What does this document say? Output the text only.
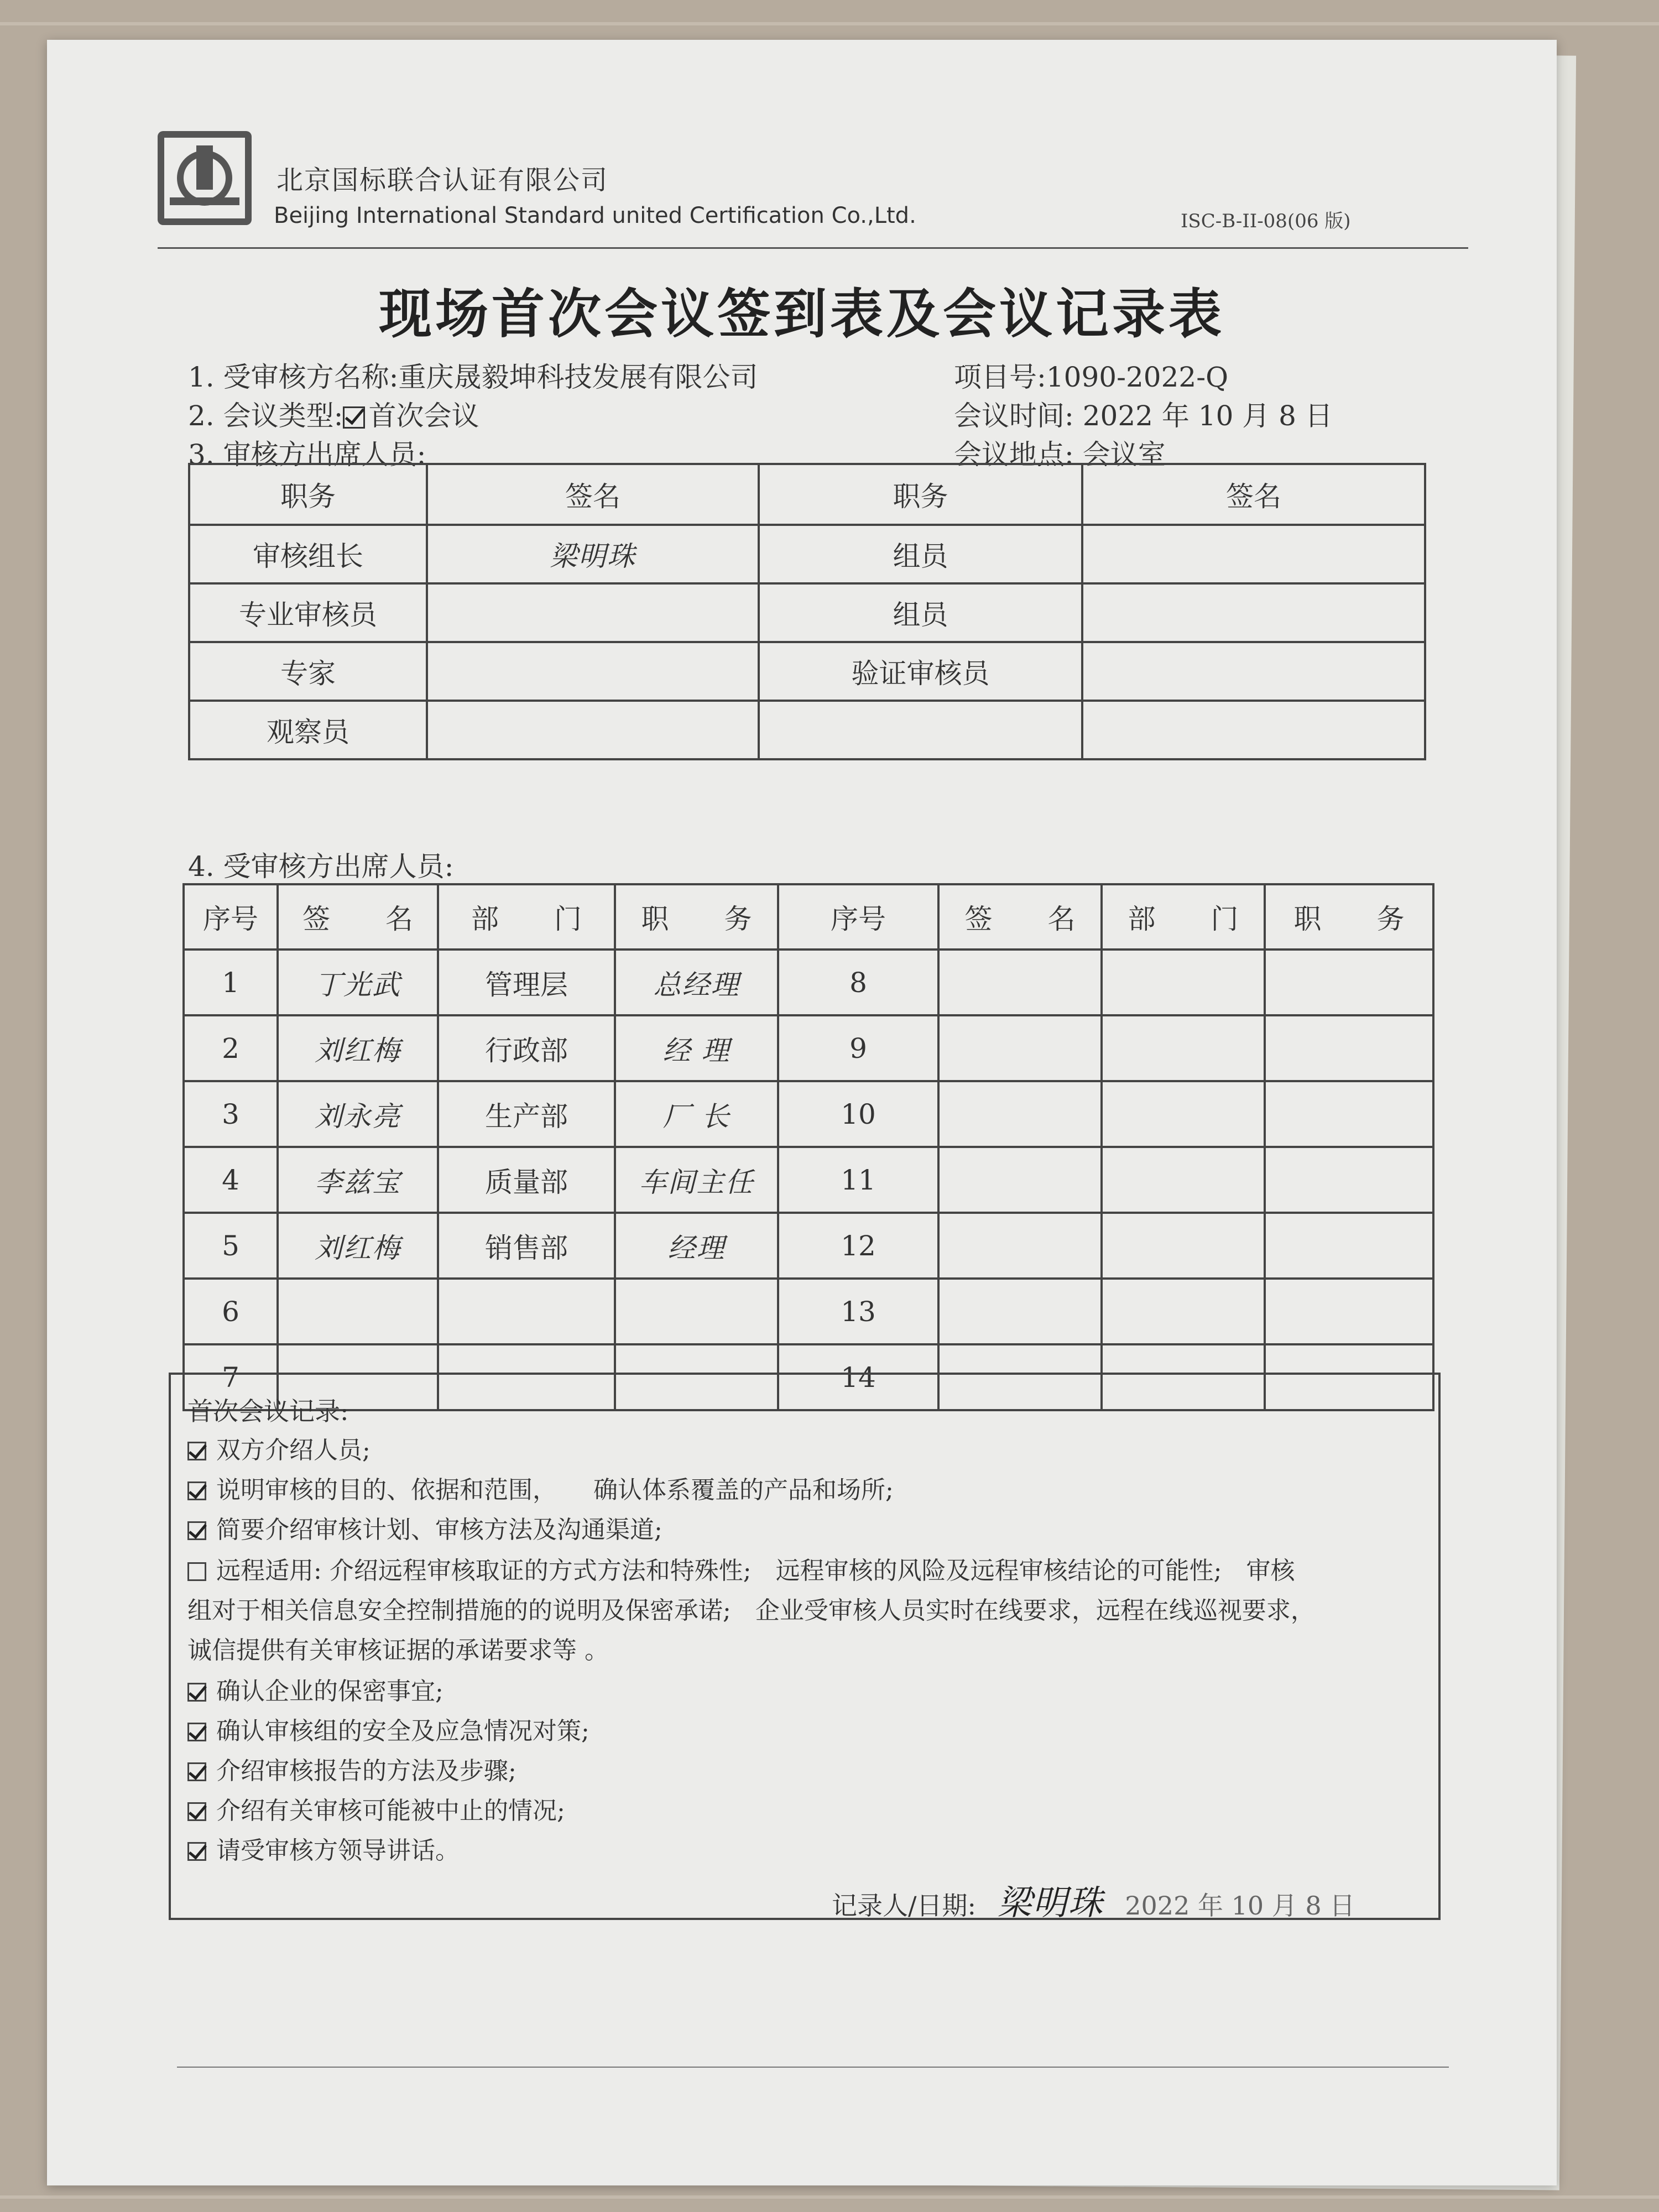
北京国标联合认证有限公司
Beijing International Standard united Certification Co.,Ltd.	ISC-B-II-08(06 版)
现场首次会议签到表及会议记录表
1. 受审核方名称:重庆晟毅坤科技发展有限公司
2. 会议类型: 首次会议
3. 审核方出席人员:
项目号:1090-2022-Q
会议时间: 2022 年 10 月 8 日
会议地点: 会议室
职务	签名	职务	签名
审核组长	梁明珠	组员	
专业审核员		组员	
专家		验证审核员	
观察员			
4. 受审核方出席人员:
序号	签　　名	部　　门	职　　务	序号	签　　名	部　　门	职　　务
1	丁光武	管理层	总经理	8			
2	刘红梅	行政部	经 理	9			
3	刘永亮	生产部	厂 长	10			
4	李兹宝	质量部	车间主任	11			
5	刘红梅	销售部	经理	12			
6				13			
7				14			
首次会议记录:
双方介绍人员;
说明审核的目的、依据和范围，　　确认体系覆盖的产品和场所;
简要介绍审核计划、审核方法及沟通渠道;
远程适用: 介绍远程审核取证的方式方法和特殊性;　远程审核的风险及远程审核结论的可能性;　审核
组对于相关信息安全控制措施的的说明及保密承诺;　企业受审核人员实时在线要求，远程在线巡视要求，
诚信提供有关审核证据的承诺要求等 。
确认企业的保密事宜;
确认审核组的安全及应急情况对策;
介绍审核报告的方法及步骤;
介绍有关审核可能被中止的情况;
请受审核方领导讲话。
记录人/日期: 梁明珠 2022 年 10 月 8 日
